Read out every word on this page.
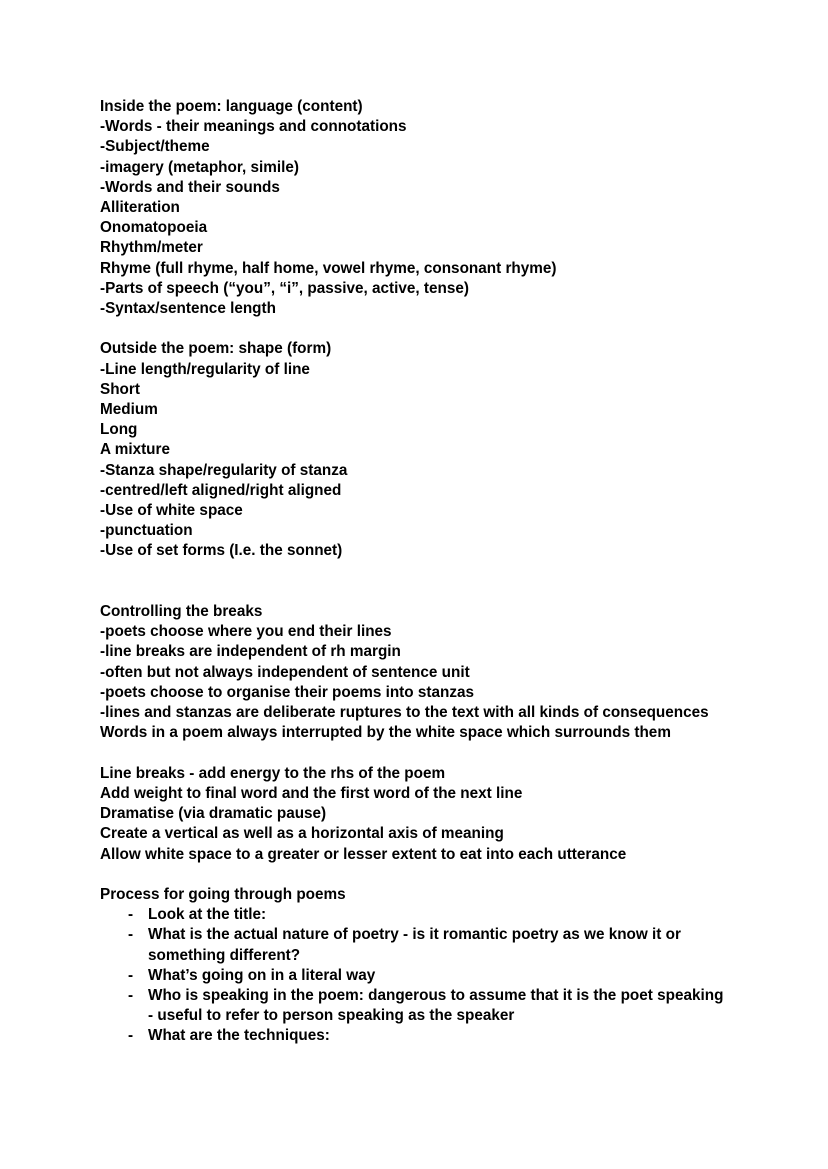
Inside the poem: language (content)
-Words - their meanings and connotations
-Subject/theme
-imagery (metaphor, simile)
-Words and their sounds
Alliteration
Onomatopoeia
Rhythm/meter
Rhyme (full rhyme, half home, vowel rhyme, consonant rhyme)
-Parts of speech (“you”, “i”, passive, active, tense)
-Syntax/sentence length

Outside the poem: shape (form)
-Line length/regularity of line
Short
Medium
Long
A mixture
-Stanza shape/regularity of stanza
-centred/left aligned/right aligned
-Use of white space
-punctuation
-Use of set forms (I.e. the sonnet)

Controlling the breaks
-poets choose where you end their lines
-line breaks are independent of rh margin
-often but not always independent of sentence unit
-poets choose to organise their poems into stanzas
-lines and stanzas are deliberate ruptures to the text with all kinds of consequences
Words in a poem always interrupted by the white space which surrounds them

Line breaks - add energy to the rhs of the poem
Add weight to final word and the first word of the next line
Dramatise (via dramatic pause)
Create a vertical as well as a horizontal axis of meaning
Allow white space to a greater or lesser extent to eat into each utterance

Process for going through poems
- Look at the title:
- What is the actual nature of poetry - is it romantic poetry as we know it or
something different?
- What’s going on in a literal way
- Who is speaking in the poem: dangerous to assume that it is the poet speaking
- useful to refer to person speaking as the speaker
- What are the techniques:
